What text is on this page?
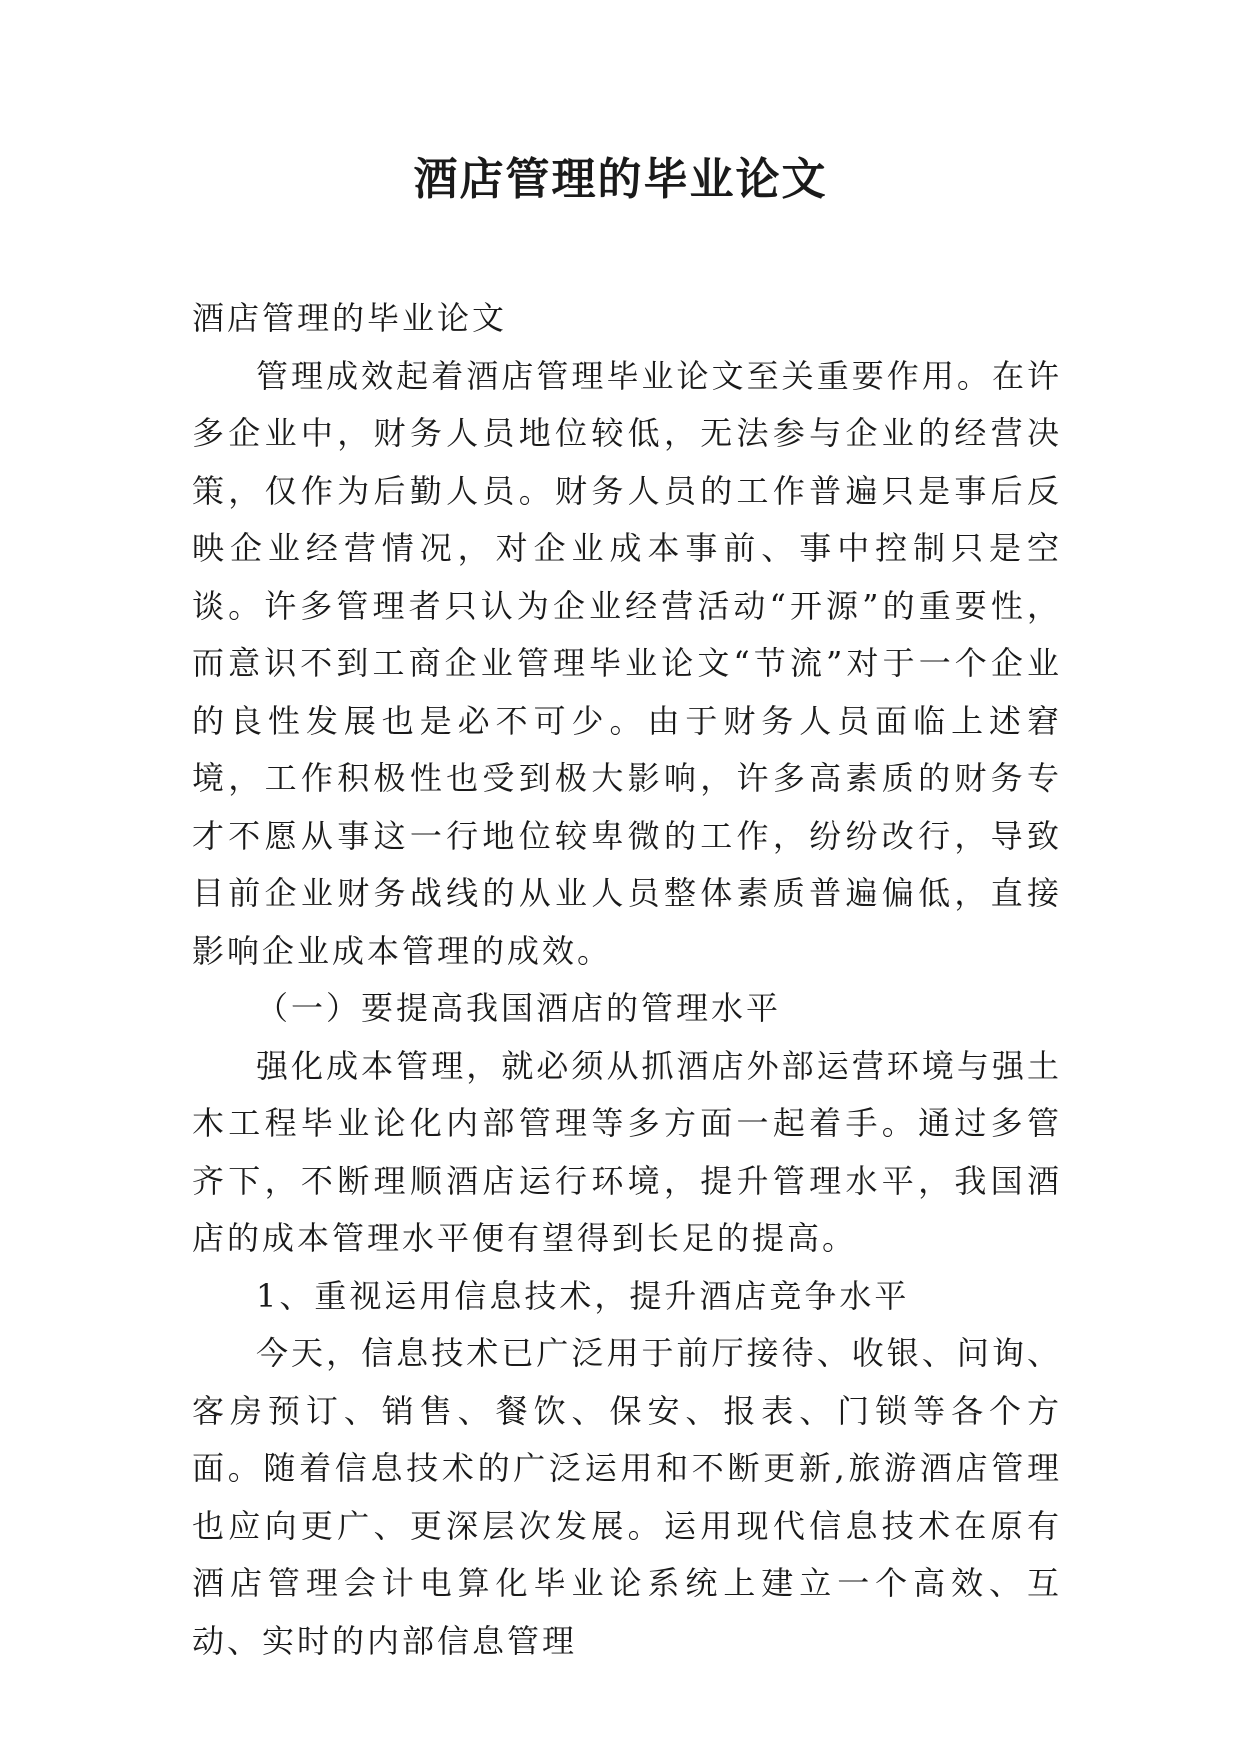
酒店管理的毕业论文

酒店管理的毕业论文

管理成效起着酒店管理毕业论文至关重要作用。在许多企业中，财务人员地位较低，无法参与企业的经营决策，仅作为后勤人员。财务人员的工作普遍只是事后反映企业经营情况，对企业成本事前、事中控制只是空谈。许多管理者只认为企业经营活动“开源”的重要性，而意识不到工商企业管理毕业论文“节流”对于一个企业的良性发展也是必不可少。由于财务人员面临上述窘境，工作积极性也受到极大影响，许多高素质的财务专才不愿从事这一行地位较卑微的工作，纷纷改行，导致目前企业财务战线的从业人员整体素质普遍偏低，直接影响企业成本管理的成效。

（一）要提高我国酒店的管理水平

强化成本管理，就必须从抓酒店外部运营环境与强土木工程毕业论化内部管理等多方面一起着手。通过多管齐下，不断理顺酒店运行环境，提升管理水平，我国酒店的成本管理水平便有望得到长足的提高。

1、重视运用信息技术，提升酒店竞争水平

今天，信息技术已广泛用于前厅接待、收银、问询、客房预订、销售、餐饮、保安、报表、门锁等各个方面。随着信息技术的广泛运用和不断更新,旅游酒店管理也应向更广、更深层次发展。运用现代信息技术在原有酒店管理会计电算化毕业论系统上建立一个高效、互动、实时的内部信息管理
